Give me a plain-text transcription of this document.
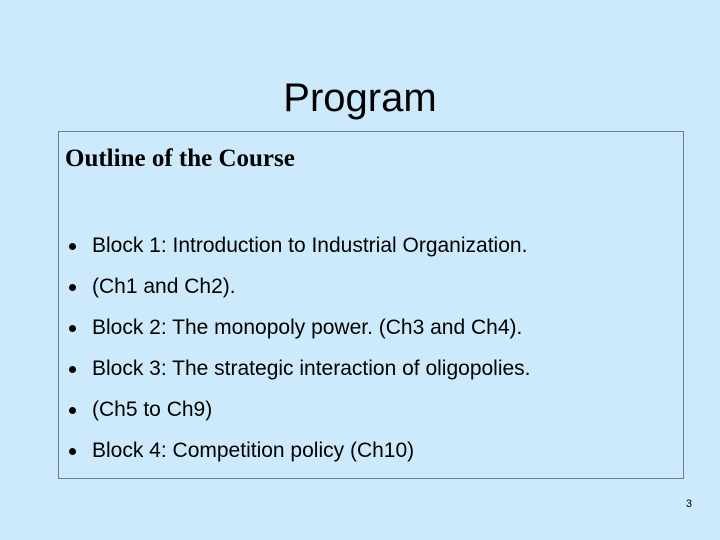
Program
Outline of the Course
Block 1: Introduction to Industrial Organization.
(Ch1 and Ch2).
Block 2: The monopoly power. (Ch3 and Ch4).
Block 3: The strategic interaction of oligopolies.
(Ch5 to Ch9)
Block 4: Competition policy (Ch10)
3
